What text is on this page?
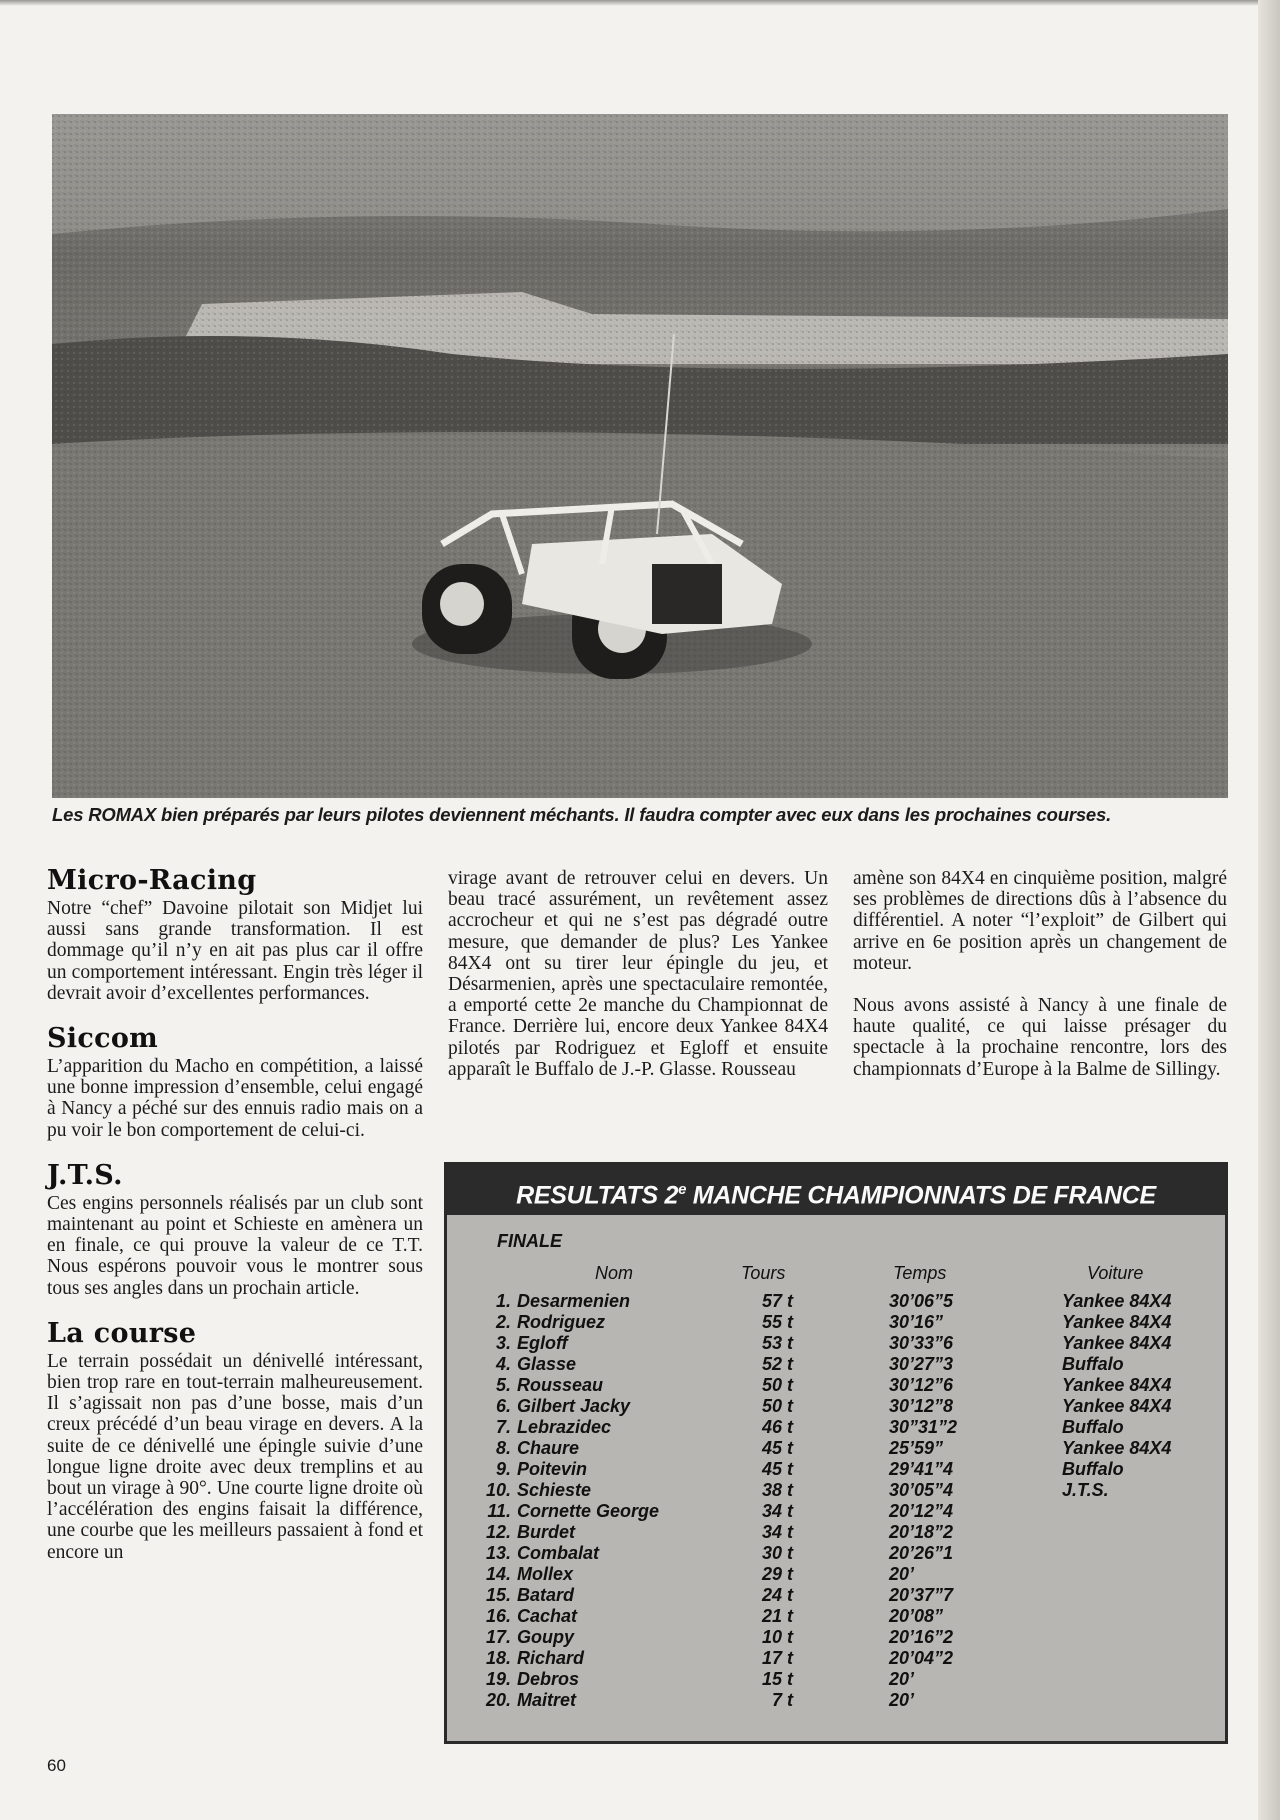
Les ROMAX bien préparés par leurs pilotes deviennent méchants. Il faudra compter avec eux dans les prochaines courses.
Micro-Racing

Notre “chef” Davoine pilotait son Midjet lui aussi sans grande transformation. Il est dommage qu’il n’y en ait pas plus car il offre un comportement intéressant. Engin très léger il devrait avoir d’excellentes performances.

Siccom

L’apparition du Macho en compétition, a laissé une bonne impression d’ensemble, celui engagé à Nancy a péché sur des ennuis radio mais on a pu voir le bon comportement de celui-ci.

J.T.S.

Ces engins personnels réalisés par un club sont maintenant au point et Schieste en amènera un en finale, ce qui prouve la valeur de ce T.T. Nous espérons pouvoir vous le montrer sous tous ses angles dans un prochain article.

La course

Le terrain possédait un dénivellé intéressant, bien trop rare en tout-terrain malheureusement. Il s’agissait non pas d’une bosse, mais d’un creux précédé d’un beau virage en devers. A la suite de ce dénivellé une épingle suivie d’une longue ligne droite avec deux tremplins et au bout un virage à 90°. Une courte ligne droite où l’accélération des engins faisait la différence, une courbe que les meilleurs passaient à fond et encore un

virage avant de retrouver celui en devers. Un beau tracé assurément, un revêtement assez accrocheur et qui ne s’est pas dégradé outre mesure, que demander de plus? Les Yankee 84X4 ont su tirer leur épingle du jeu, et Désarmenien, après une spectaculaire remontée, a emporté cette 2e manche du Championnat de France. Derrière lui, encore deux Yankee 84X4 pilotés par Rodriguez et Egloff et ensuite apparaît le Buffalo de J.-P. Glasse. Rousseau

amène son 84X4 en cinquième position, malgré ses problèmes de directions dûs à l’absence du différentiel. A noter “l’exploit” de Gilbert qui arrive en 6e position après un changement de moteur.

Nous avons assisté à Nancy à une finale de haute qualité, ce qui laisse présager du spectacle à la prochaine rencontre, lors des championnats d’Europe à la Balme de Sillingy.

RESULTATS 2e MANCHE CHAMPIONNATS DE FRANCE
FINALE
Nom	Tours	Temps	Voiture
1. Desarmenien	57 t	30’06”5	Yankee 84X4
2. Rodriguez	55 t	30’16”	Yankee 84X4
3. Egloff	53 t	30’33”6	Yankee 84X4
4. Glasse	52 t	30’27”3	Buffalo
5. Rousseau	50 t	30’12”6	Yankee 84X4
6. Gilbert Jacky	50 t	30’12”8	Yankee 84X4
7. Lebrazidec	46 t	30”31”2	Buffalo
8. Chaure	45 t	25’59”	Yankee 84X4
9. Poitevin	45 t	29’41”4	Buffalo
10. Schieste	38 t	30’05”4	J.T.S.
11. Cornette George	34 t	20’12”4
12. Burdet	34 t	20’18”2
13. Combalat	30 t	20’26”1
14. Mollex	29 t	20’
15. Batard	24 t	20’37”7
16. Cachat	21 t	20’08”
17. Goupy	10 t	20’16”2
18. Richard	17 t	20’04”2
19. Debros	15 t	20’
20. Maitret	7 t	20’
60
